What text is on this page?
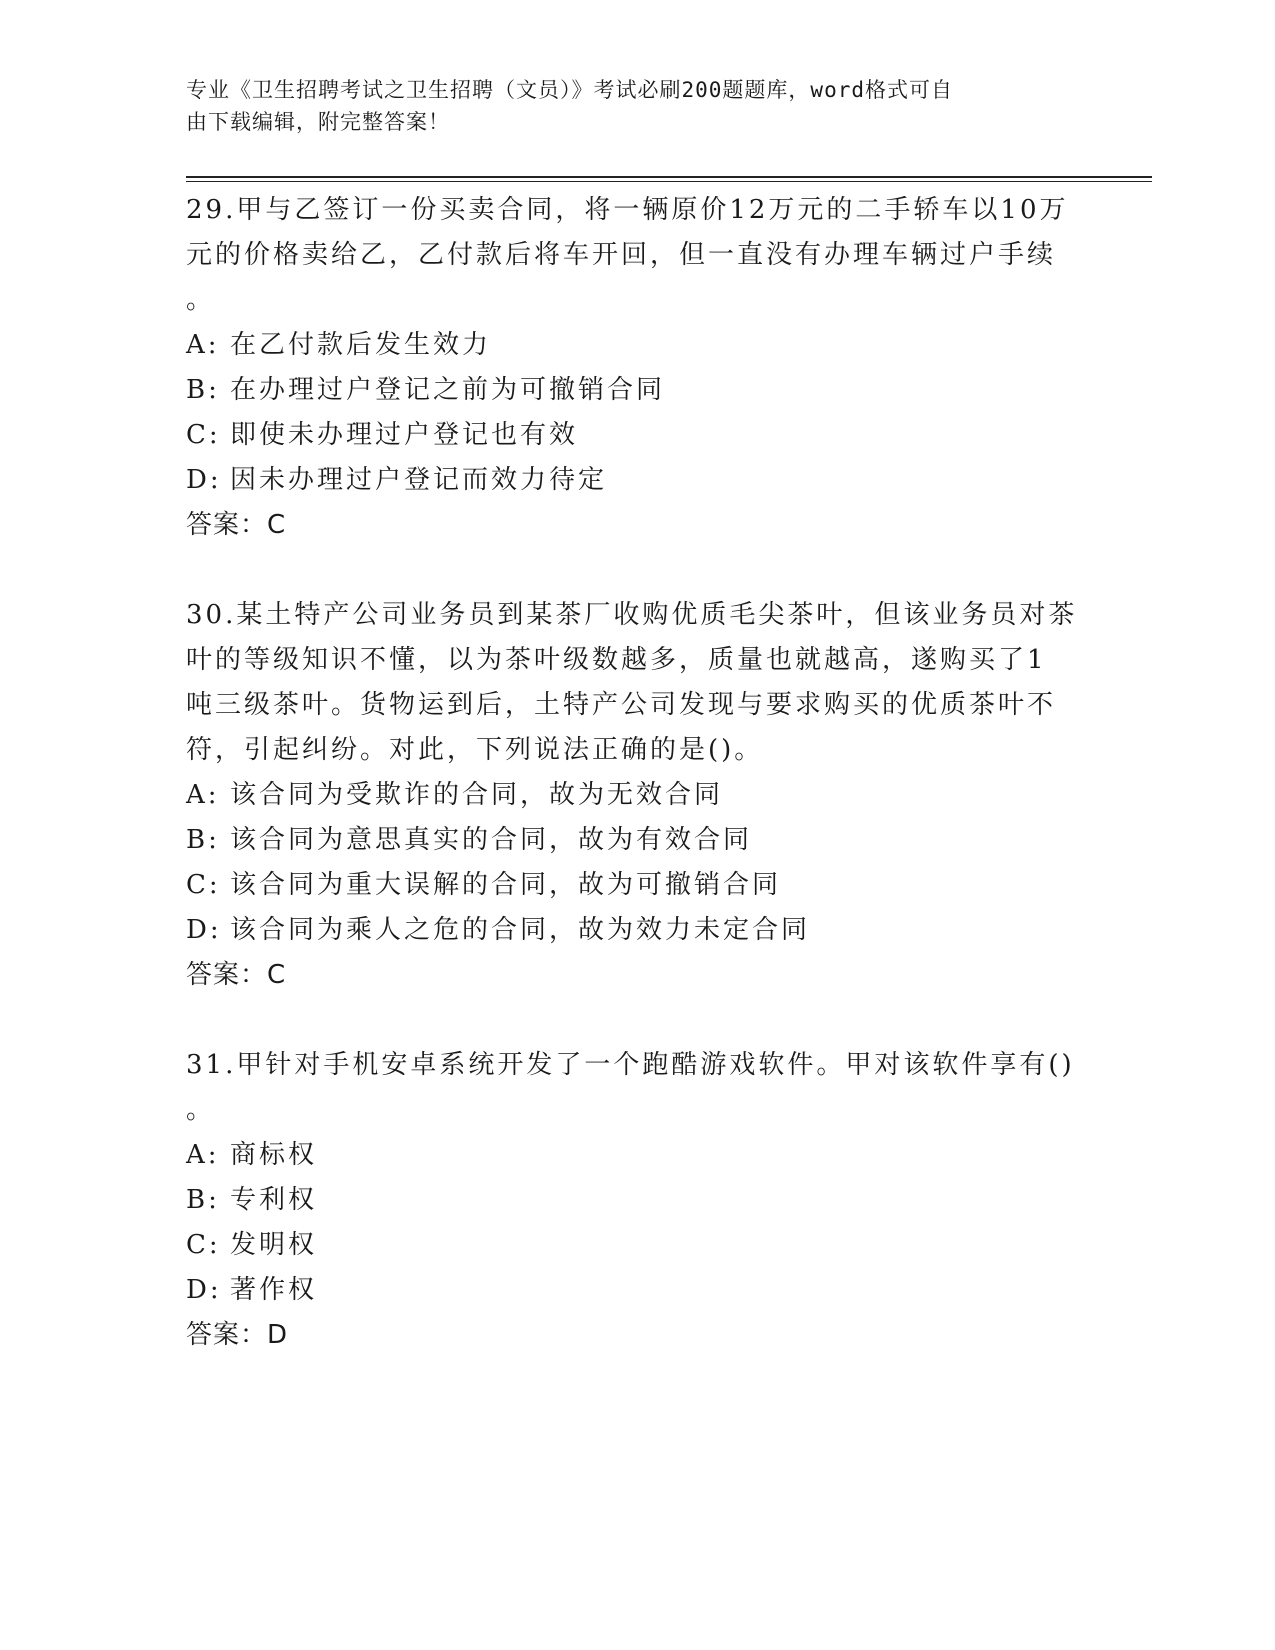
专业《卫生招聘考试之卫生招聘（文员）》考试必刷200题题库，word格式可自
由下载编辑，附完整答案！
29.甲与乙签订一份买卖合同，将一辆原价12万元的二手轿车以10万
元的价格卖给乙，乙付款后将车开回，但一直没有办理车辆过户手续
。
A: 在乙付款后发生效力
B: 在办理过户登记之前为可撤销合同
C: 即使未办理过户登记也有效
D: 因未办理过户登记而效力待定
答案：C
30.某土特产公司业务员到某茶厂收购优质毛尖茶叶，但该业务员对茶
叶的等级知识不懂，以为茶叶级数越多，质量也就越高，遂购买了1
吨三级茶叶。货物运到后，土特产公司发现与要求购买的优质茶叶不
符，引起纠纷。对此，下列说法正确的是()。
A: 该合同为受欺诈的合同，故为无效合同
B: 该合同为意思真实的合同，故为有效合同
C: 该合同为重大误解的合同，故为可撤销合同
D: 该合同为乘人之危的合同，故为效力未定合同
答案：C
31.甲针对手机安卓系统开发了一个跑酷游戏软件。甲对该软件享有()
。
A: 商标权
B: 专利权
C: 发明权
D: 著作权
答案：D
